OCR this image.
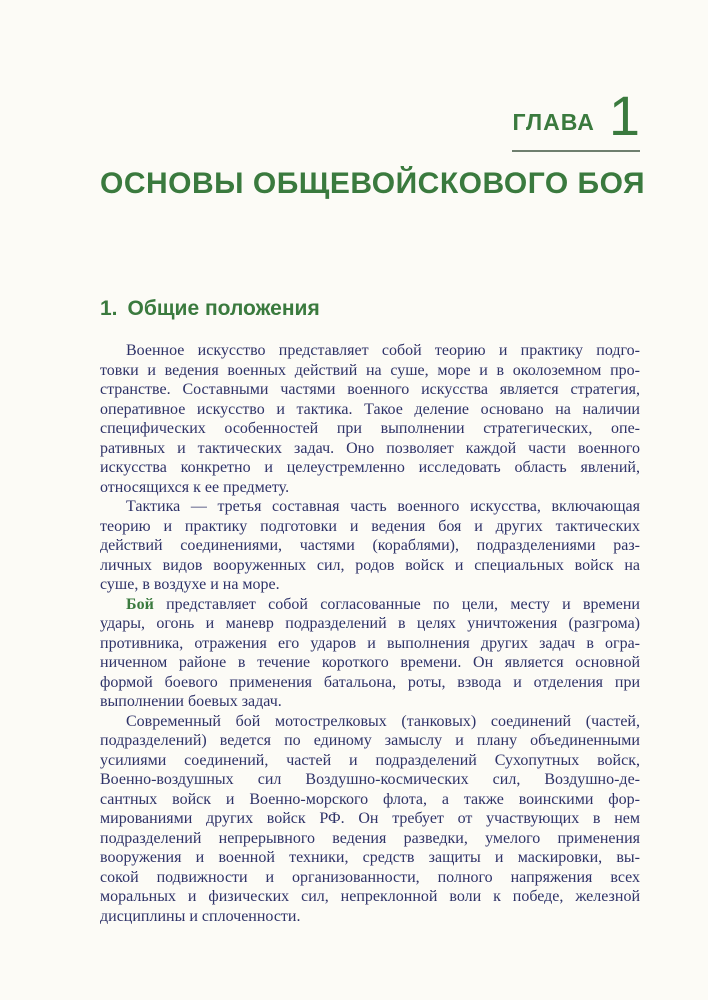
ГЛАВА 1
ОСНОВЫ ОБЩЕВОЙСКОВОГО БОЯ
1. Общие положения
Военное искусство представляет собой теорию и практику подго-
товки и ведения военных действий на суше, море и в околоземном про-
странстве. Составными частями военного искусства является стратегия,
оперативное искусство и тактика. Такое деление основано на наличии
специфических особенностей при выполнении стратегических, опе-
ративных и тактических задач. Оно позволяет каждой части военного
искусства конкретно и целеустремленно исследовать область явлений,
относящихся к ее предмету.
Тактика — третья составная часть военного искусства, включающая
теорию и практику подготовки и ведения боя и других тактических
действий соединениями, частями (кораблями), подразделениями раз-
личных видов вооруженных сил, родов войск и специальных войск на
суше, в воздухе и на море.
Бой представляет собой согласованные по цели, месту и времени
удары, огонь и маневр подразделений в целях уничтожения (разгрома)
противника, отражения его ударов и выполнения других задач в огра-
ниченном районе в течение короткого времени. Он является основной
формой боевого применения батальона, роты, взвода и отделения при
выполнении боевых задач.
Современный бой мотострелковых (танковых) соединений (частей,
подразделений) ведется по единому замыслу и плану объединенными
усилиями соединений, частей и подразделений Сухопутных войск,
Военно-воздушных сил Воздушно-космических сил, Воздушно-де-
сантных войск и Военно-морского флота, а также воинскими фор-
мированиями других войск РФ. Он требует от участвующих в нем
подразделений непрерывного ведения разведки, умелого применения
вооружения и военной техники, средств защиты и маскировки, вы-
сокой подвижности и организованности, полного напряжения всех
моральных и физических сил, непреклонной воли к победе, железной
дисциплины и сплоченности.
